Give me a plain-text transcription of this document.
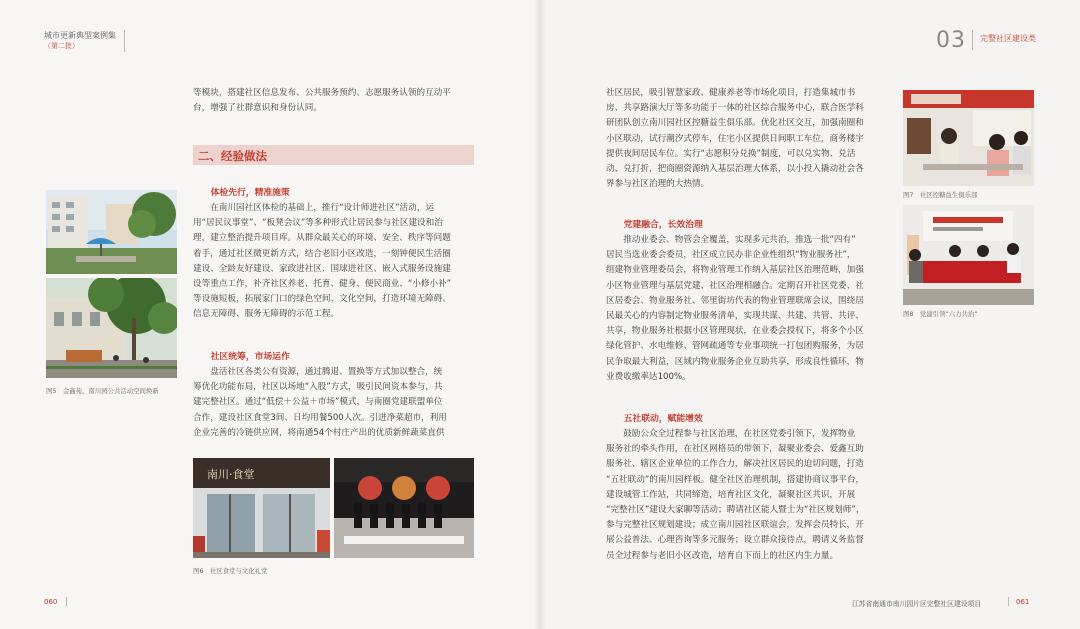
城市更新典型案例集
（第二批）	03 完整社区建设类
等模块，搭建社区信息发布、公共服务预约、志愿服务认领的互动平
台，增强了社群意识和身份认同。
二、经验做法
体检先行，精准施策
在南川园社区体检的基础上，推行“设计师进社区”活动，运
用“居民议事堂”、“板凳会议”等多种形式让居民参与社区建设和治
理，建立整治提升项目库。从群众最关心的环境、安全、秩序等问题
着手，通过社区微更新方式，结合老旧小区改造，一刻钟便民生活圈
建设、全龄友好建设、家政进社区、国球进社区、嵌入式服务设施建
设等重点工作，补齐社区养老、托育、健身、便民商业、“小修小补”
等设施短板，拓展家门口的绿色空间、文化空间，打造环境无障碍、
信息无障碍、服务无障碍的示范工程。
社区统筹，市场运作
盘活社区各类公有资源，通过腾退、置换等方式加以整合，统
筹优化功能布局，社区以场地“入股”方式，吸引民间资本参与，共
建完整社区。通过“低偿＋公益＋市场”模式，与南圈党建联盟单位
合作，建设社区食堂3间、日均用餐500人次。引进净菜超市，利用
企业完善的冷链供应网，将南通54个村庄产出的优质新鲜蔬菜直供
图5　金鑫苑、南川园公共活动空间焕新
南川·食堂
图6　社区食堂与文化礼堂
社区居民，吸引智慧家政、健康养老等市场化项目，打造集城市书
房、共享路演大厅等多功能于一体的社区综合服务中心，联合医学科
研团队创立南川园社区控糖益生俱乐部。优化社区交互，加强南圈和
小区联动，试行潮汐式停车，住宅小区提供日间职工车位，商务楼宇
提供夜间居民车位。实行“志愿积分兑换”制度，可以兑实物、兑活
动、兑打折，把商圈资源纳入基层治理大体系，以小投入撬动社会各
界参与社区治理的大热情。
党建融合，长效治理
推动业委会、物管会全覆盖，实现多元共治，推选一批“四有”
居民当选业委会委员，社区成立民办非企业性组织“物业服务社”，
组建物业管理委员会，将物业管理工作纳入基层社区治理范畴，加强
小区物业管理与基层党建、社区治理相融合。定期召开社区党委、社
区居委会、物业服务社、邻里街坊代表的物业管理联席会议，围绕居
民最关心的内容制定物业服务清单，实现共谋、共建、共管、共评、
共享，物业服务社根据小区管理现状，在业委会授权下，将多个小区
绿化管护、水电维修、管网疏通等专业事项统一打包团购服务，为居
民争取最大利益，区域内物业服务企业互助共享，形成良性循环，物
业费收缴率达100%。
五社联动，赋能增效
鼓励公众全过程参与社区治理，在社区党委引领下，发挥物业
服务社的牵头作用，在社区网格员的带领下，凝聚业委会、爱鑫互助
服务社、辖区企业单位的工作合力，解决社区居民的迫切问题，打造
“五社联动”的南川园样板。健全社区治理机制，搭建协商议事平台，
建设城管工作站，共同缔造，培育社区文化，凝聚社区共识，开展
“完整社区”建设大家聊等活动；聘请社区能人暨士为“社区规划师”，
参与完整社区规划建设；成立南川园社区联谊会，发挥会员特长，开
展公益普法、心理咨询等多元服务；设立群众接待点，聘请义务监督
员全过程参与老旧小区改造，培育自下而上的社区内生力量。
图7　社区控糖益生俱乐部
图8　党建引领“六力共治”
060	江苏省南通市南川园片区完整社区建设项目	061
